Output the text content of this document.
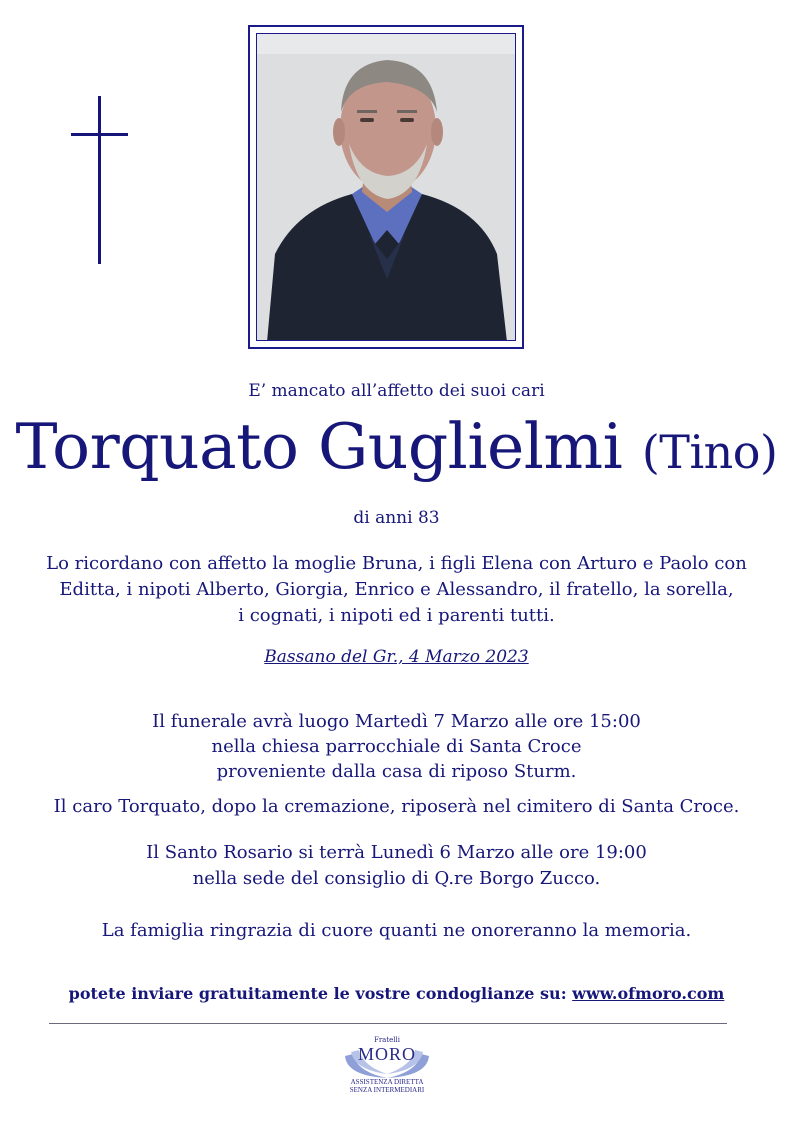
E’ mancato all’affetto dei suoi cari
Torquato Guglielmi (Tino)
di anni 83
Lo ricordano con affetto la moglie Bruna, i figli Elena con Arturo e Paolo con
Editta, i nipoti Alberto, Giorgia, Enrico e Alessandro, il fratello, la sorella,
i cognati, i nipoti ed i parenti tutti.
Bassano del Gr., 4 Marzo 2023
Il funerale avrà luogo Martedì 7 Marzo alle ore 15:00
nella chiesa parrocchiale di Santa Croce
proveniente dalla casa di riposo Sturm.
Il caro Torquato, dopo la cremazione, riposerà nel cimitero di Santa Croce.
Il Santo Rosario si terrà Lunedì 6 Marzo alle ore 19:00
nella sede del consiglio di Q.re Borgo Zucco.
La famiglia ringrazia di cuore quanti ne onoreranno la memoria.
potete inviare gratuitamente le vostre condoglianze su: www.ofmoro.com
Fratelli
MORO
ASSISTENZA DIRETTA
SENZA INTERMEDIARI
